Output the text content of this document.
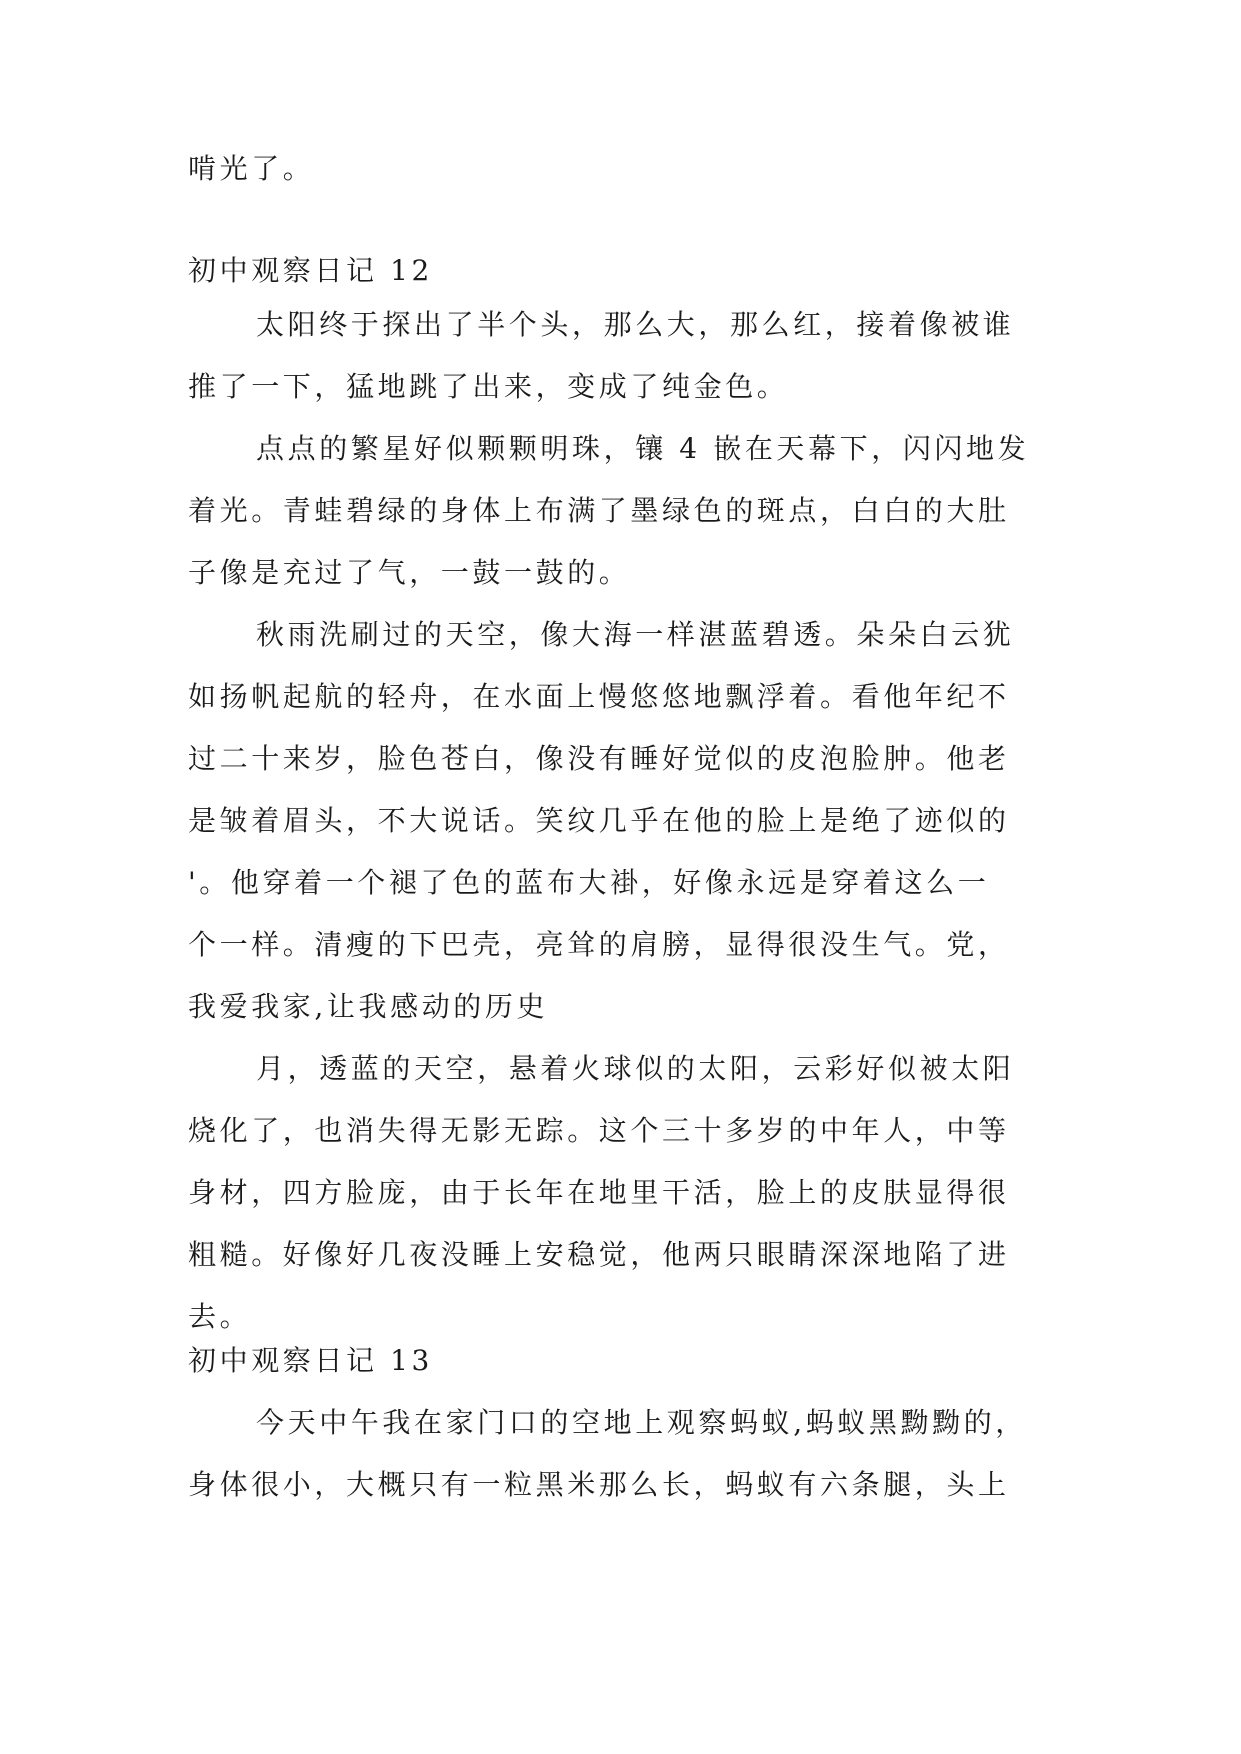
啃光了。
初中观察日记 12
太阳终于探出了半个头，那么大，那么红，接着像被谁
推了一下，猛地跳了出来，变成了纯金色。
点点的繁星好似颗颗明珠，镶 4 嵌在天幕下，闪闪地发
着光。青蛙碧绿的身体上布满了墨绿色的斑点，白白的大肚
子像是充过了气，一鼓一鼓的。
秋雨洗刷过的天空，像大海一样湛蓝碧透。朵朵白云犹
如扬帆起航的轻舟，在水面上慢悠悠地飘浮着。看他年纪不
过二十来岁，脸色苍白，像没有睡好觉似的皮泡脸肿。他老
是皱着眉头，不大说话。笑纹几乎在他的脸上是绝了迹似的
'。他穿着一个褪了色的蓝布大褂，好像永远是穿着这么一
个一样。清瘦的下巴壳，亮耸的肩膀，显得很没生气。党，
我爱我家,让我感动的历史
月，透蓝的天空，悬着火球似的太阳，云彩好似被太阳
烧化了，也消失得无影无踪。这个三十多岁的中年人，中等
身材，四方脸庞，由于长年在地里干活，脸上的皮肤显得很
粗糙。好像好几夜没睡上安稳觉，他两只眼睛深深地陷了进
去。
初中观察日记 13
今天中午我在家门口的空地上观察蚂蚁,蚂蚁黑黝黝的，
身体很小，大概只有一粒黑米那么长，蚂蚁有六条腿，头上
